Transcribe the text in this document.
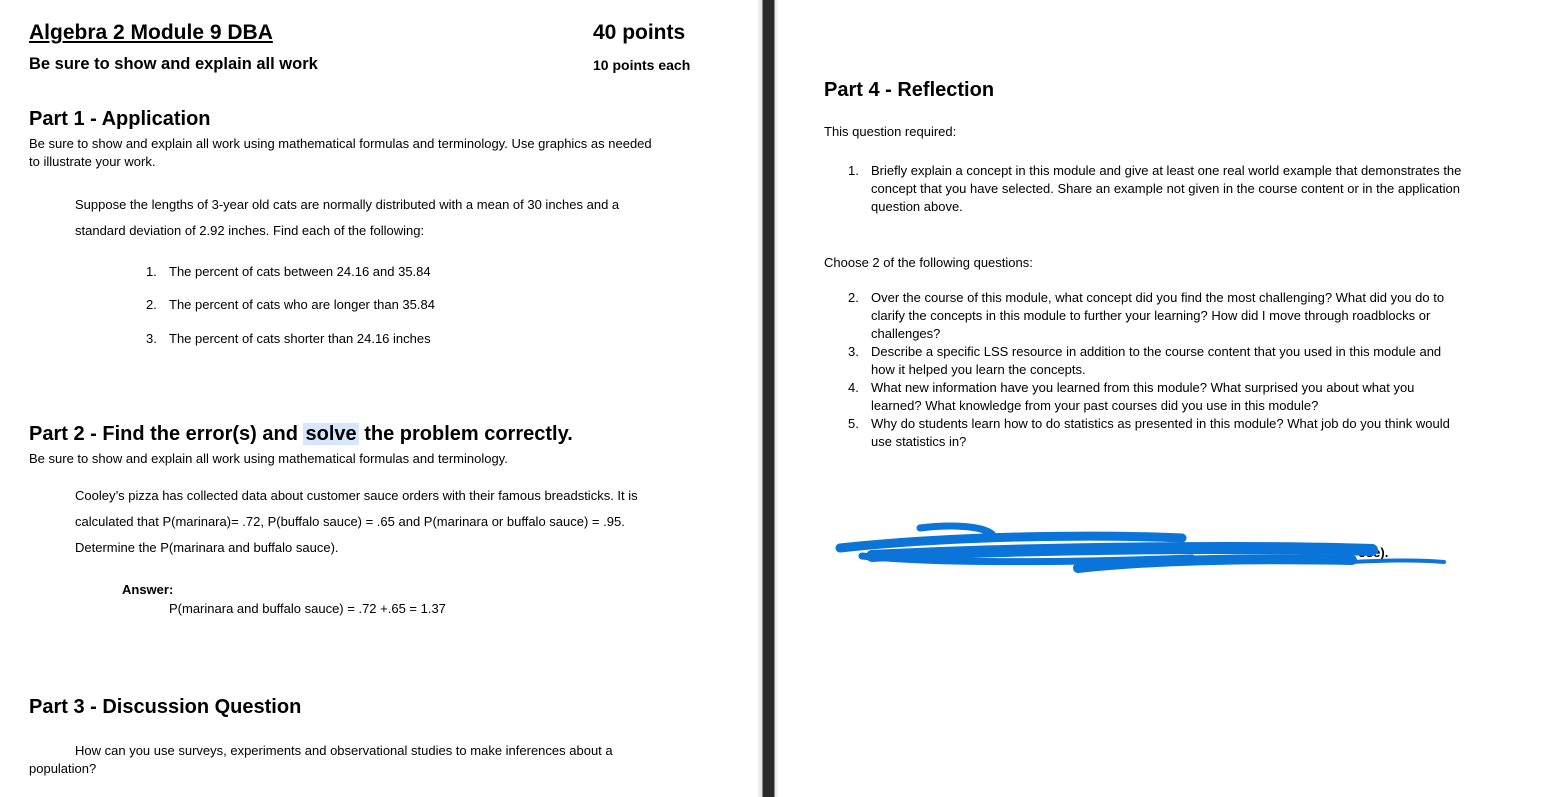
Algebra 2 Module 9 DBA	40 points
Be sure to show and explain all work	10 points each
Part 1 - Application
Be sure to show and explain all work using mathematical formulas and terminology. Use graphics as needed
to illustrate your work.
Suppose the lengths of 3-year old cats are normally distributed with a mean of 30 inches and a
standard deviation of 2.92 inches. Find each of the following:
1. The percent of cats between 24.16 and 35.84
2. The percent of cats who are longer than 35.84
3. The percent of cats shorter than 24.16 inches
Part 2 - Find the error(s) and solve the problem correctly.
Be sure to show and explain all work using mathematical formulas and terminology.
Cooley’s pizza has collected data about customer sauce orders with their famous breadsticks. It is
calculated that P(marinara)= .72, P(buffalo sauce) = .65 and P(marinara or buffalo sauce) = .95.
Determine the P(marinara and buffalo sauce).
Answer:
P(marinara and buffalo sauce) = .72 +.65 = 1.37
Part 3 - Discussion Question
How can you use surveys, experiments and observational studies to make inferences about a
population?
Part 4 - Reflection
This question required:
1. Briefly explain a concept in this module and give at least one real world example that demonstrates the
concept that you have selected. Share an example not given in the course content or in the application
question above.
Choose 2 of the following questions:
2. Over the course of this module, what concept did you find the most challenging? What did you do to
clarify the concepts in this module to further your learning? How did I move through roadblocks or
challenges?
3. Describe a specific LSS resource in addition to the course content that you used in this module and
how it helped you learn the concepts.
4. What new information have you learned from this module? What surprised you about what you
learned? What knowledge from your past courses did you use in this module?
5. Why do students learn how to do statistics as presented in this module? What job do you think would
use statistics in?
ose).
